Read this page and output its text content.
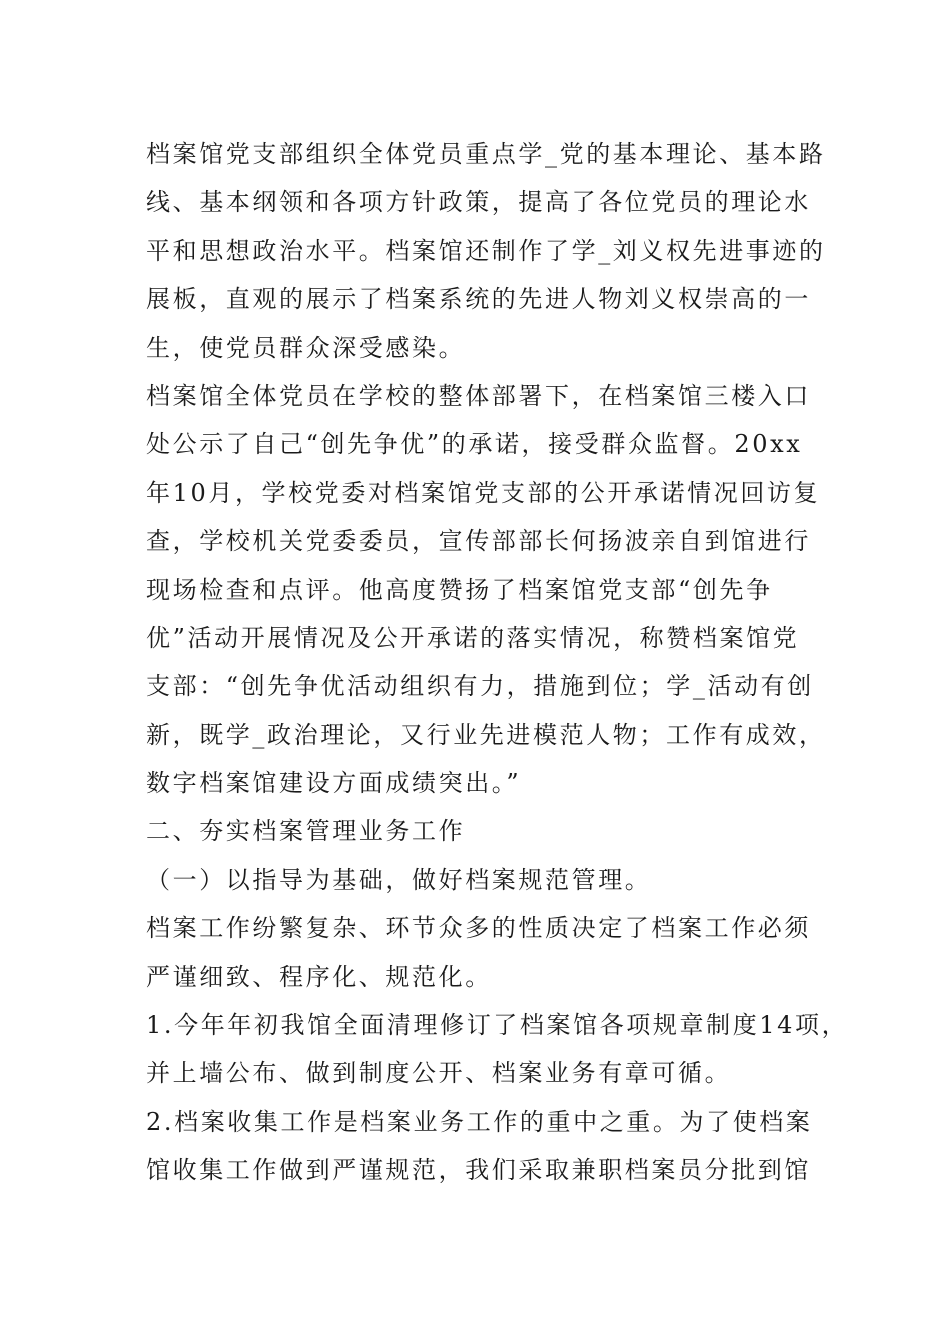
档案馆党支部组织全体党员重点学_党的基本理论、基本路
线、基本纲领和各项方针政策，提高了各位党员的理论水
平和思想政治水平。档案馆还制作了学_刘义权先进事迹的
展板，直观的展示了档案系统的先进人物刘义权崇高的一
生，使党员群众深受感染。

档案馆全体党员在学校的整体部署下，在档案馆三楼入口
处公示了自己“创先争优”的承诺，接受群众监督。20xx
年10月，学校党委对档案馆党支部的公开承诺情况回访复
查，学校机关党委委员，宣传部部长何扬波亲自到馆进行
现场检查和点评。他高度赞扬了档案馆党支部“创先争
优”活动开展情况及公开承诺的落实情况，称赞档案馆党
支部：“创先争优活动组织有力，措施到位；学_活动有创
新，既学_政治理论，又行业先进模范人物；工作有成效，
数字档案馆建设方面成绩突出。”

二、夯实档案管理业务工作

（一）以指导为基础，做好档案规范管理。

档案工作纷繁复杂、环节众多的性质决定了档案工作必须
严谨细致、程序化、规范化。

1.今年年初我馆全面清理修订了档案馆各项规章制度14项，
并上墙公布、做到制度公开、档案业务有章可循。

2.档案收集工作是档案业务工作的重中之重。为了使档案
馆收集工作做到严谨规范，我们采取兼职档案员分批到馆
